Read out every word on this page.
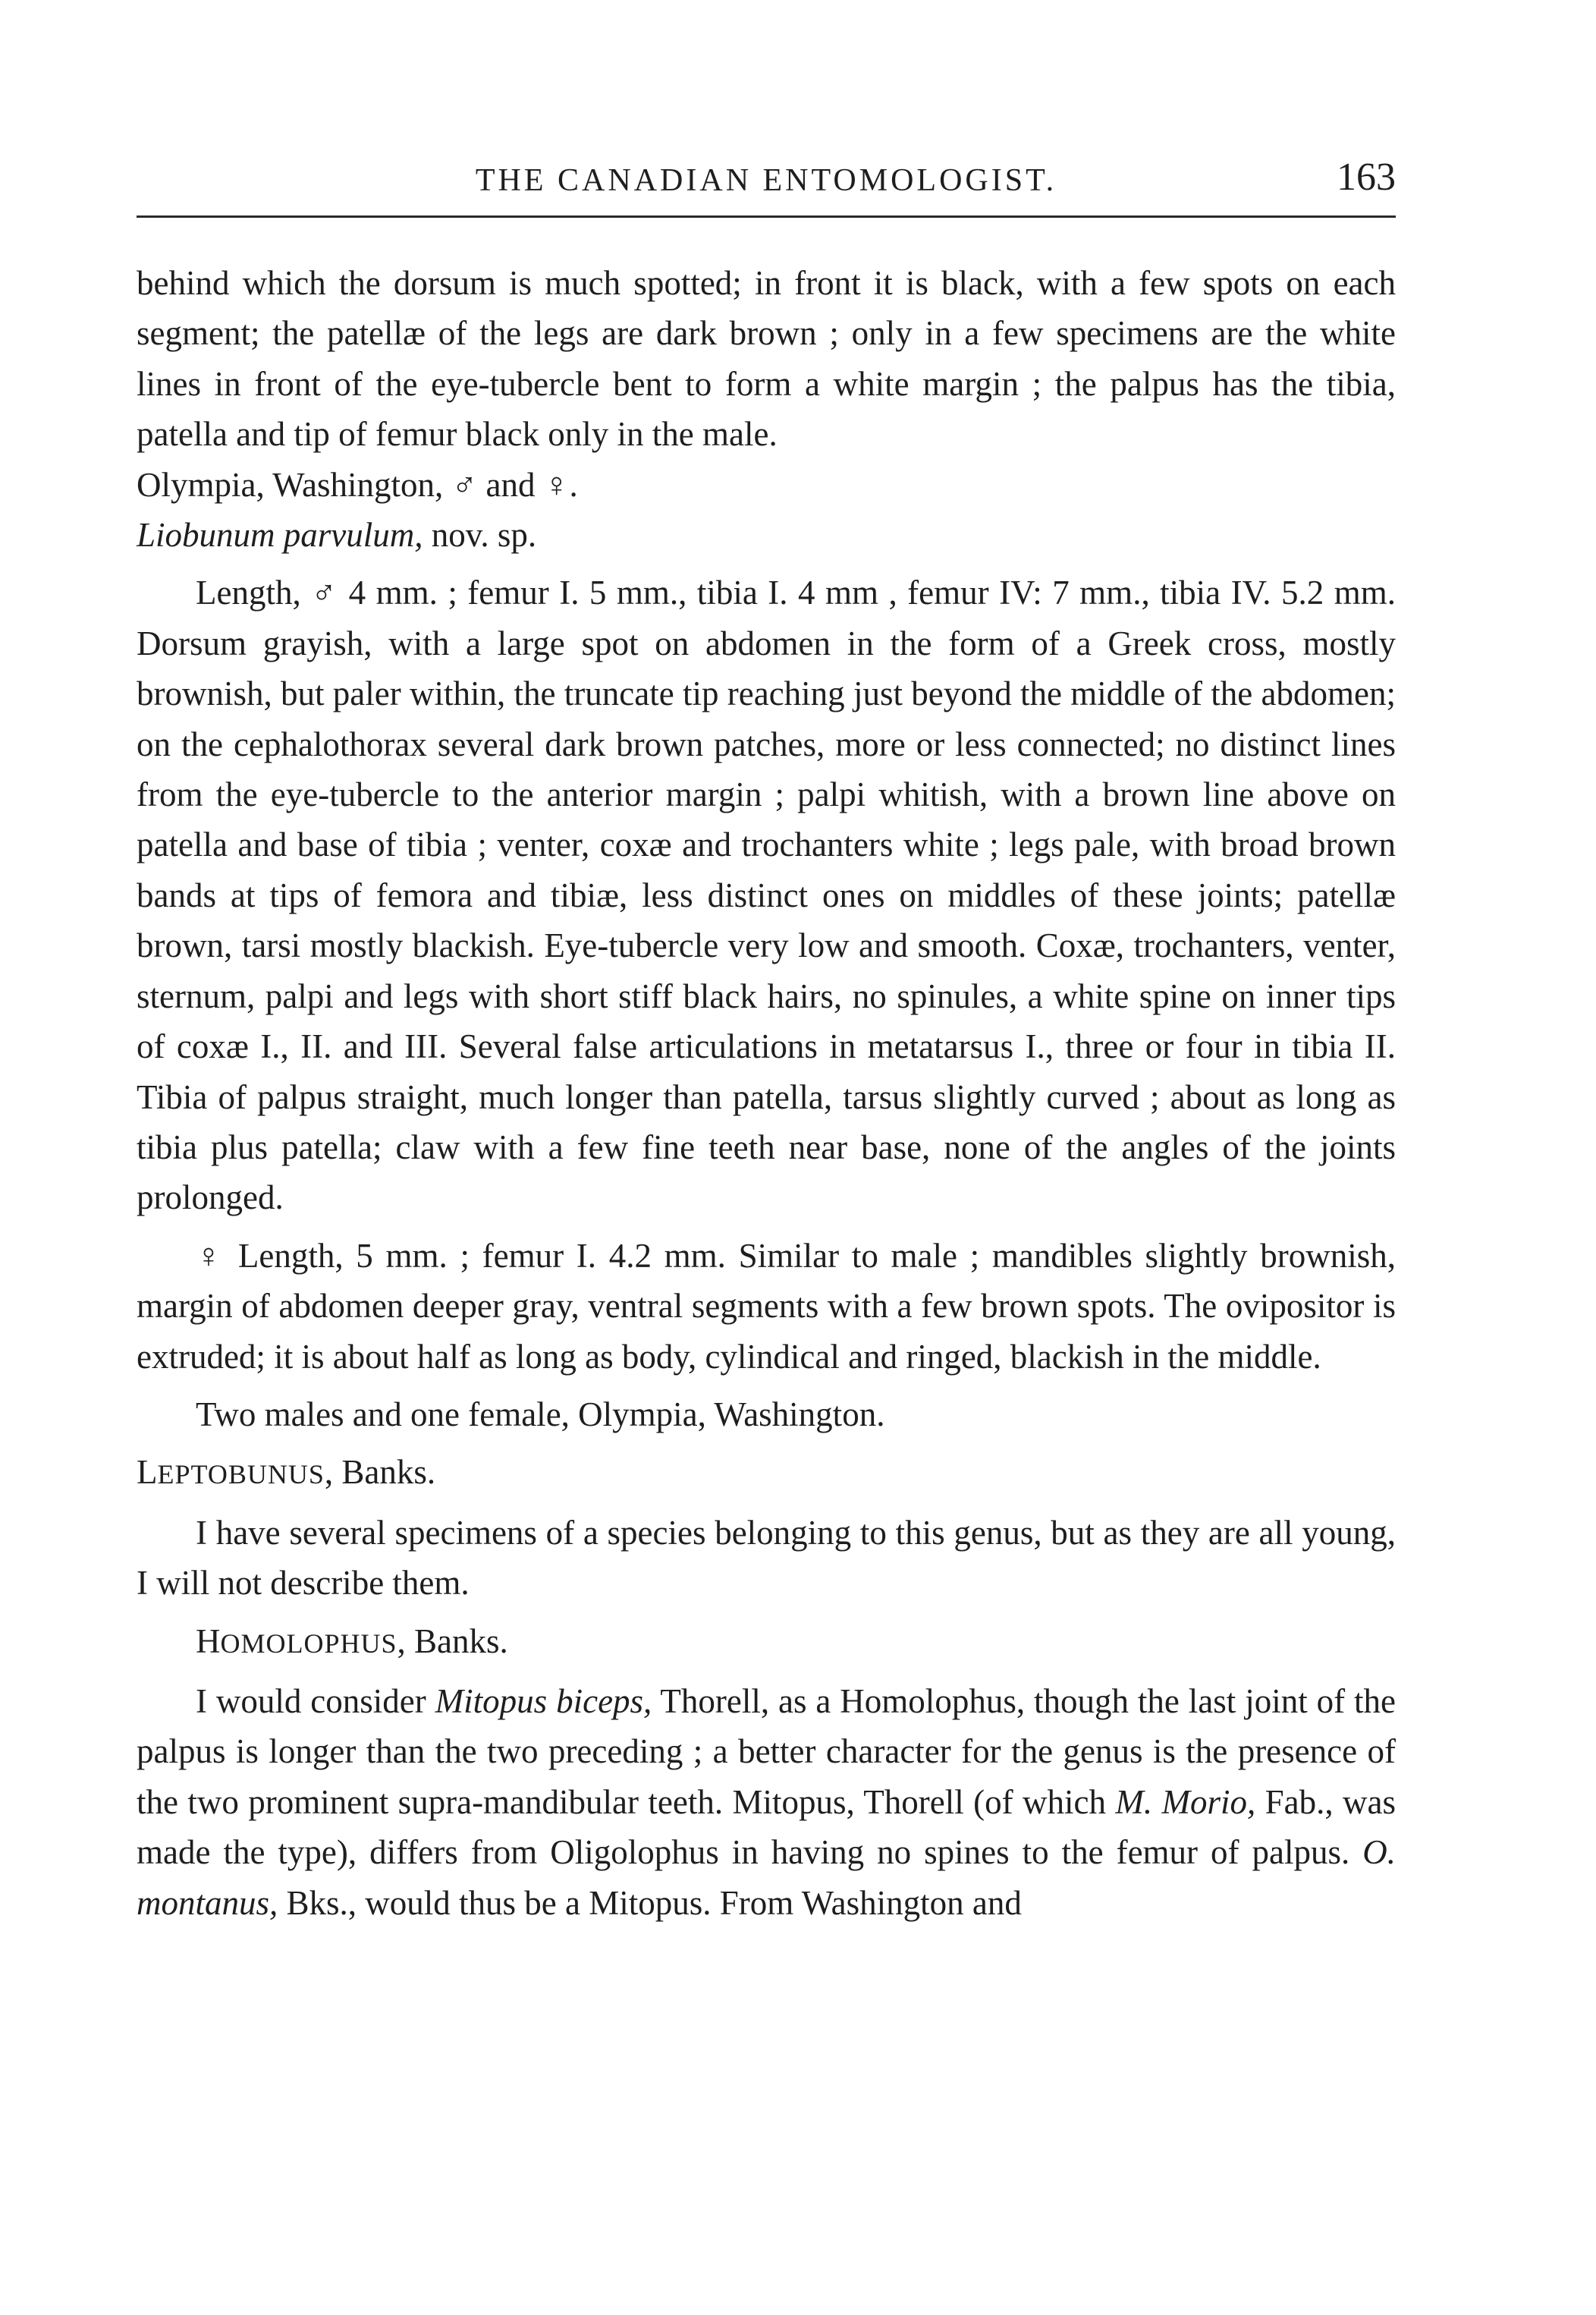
THE CANADIAN ENTOMOLOGIST.	163

behind which the dorsum is much spotted; in front it is black, with a few spots on each segment; the patellæ of the legs are dark brown ; only in a few specimens are the white lines in front of the eye-tubercle bent to form a white margin ; the palpus has the tibia, patella and tip of femur black only in the male.

Olympia, Washington, ♂ and ♀.

Liobunum parvulum, nov. sp.

Length, ♂ 4 mm. ; femur I. 5 mm., tibia I. 4 mm , femur IV: 7 mm., tibia IV. 5.2 mm. Dorsum grayish, with a large spot on abdomen in the form of a Greek cross, mostly brownish, but paler within, the truncate tip reaching just beyond the middle of the abdomen; on the cephalothorax several dark brown patches, more or less connected; no distinct lines from the eye-tubercle to the anterior margin ; palpi whitish, with a brown line above on patella and base of tibia ; venter, coxæ and trochanters white ; legs pale, with broad brown bands at tips of femora and tibiæ, less distinct ones on middles of these joints; patellæ brown, tarsi mostly blackish. Eye-tubercle very low and smooth. Coxæ, trochanters, venter, sternum, palpi and legs with short stiff black hairs, no spinules, a white spine on inner tips of coxæ I., II. and III. Several false articulations in metatarsus I., three or four in tibia II. Tibia of palpus straight, much longer than patella, tarsus slightly curved ; about as long as tibia plus patella; claw with a few fine teeth near base, none of the angles of the joints prolonged.

♀ Length, 5 mm. ; femur I. 4.2 mm. Similar to male ; mandibles slightly brownish, margin of abdomen deeper gray, ventral segments with a few brown spots. The ovipositor is extruded; it is about half as long as body, cylindical and ringed, blackish in the middle.

Two males and one female, Olympia, Washington.

LEPTOBUNUS, Banks.

I have several specimens of a species belonging to this genus, but as they are all young, I will not describe them.

HOMOLOPHUS, Banks.

I would consider Mitopus biceps, Thorell, as a Homolophus, though the last joint of the palpus is longer than the two preceding ; a better character for the genus is the presence of the two prominent supra-mandibular teeth. Mitopus, Thorell (of which M. Morio, Fab., was made the type), differs from Oligolophus in having no spines to the femur of palpus. O. montanus, Bks., would thus be a Mitopus. From Washington and
